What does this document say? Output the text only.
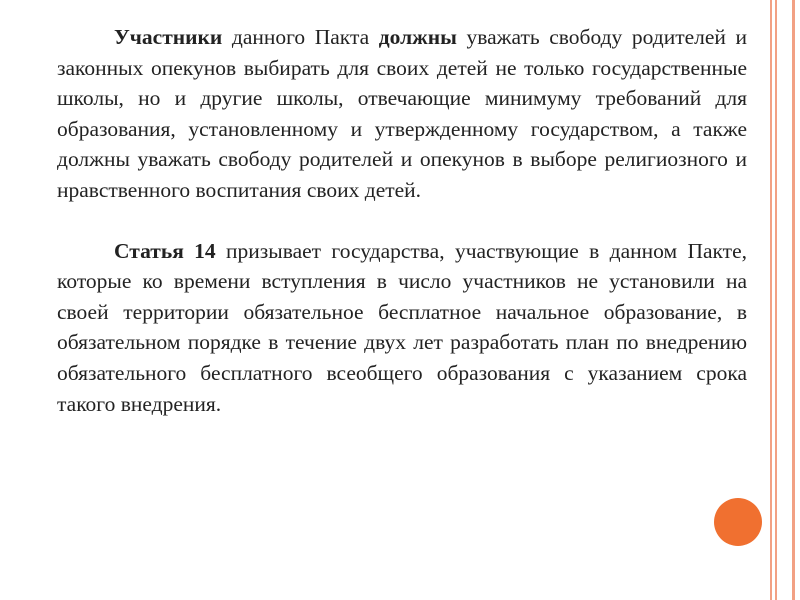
Участники данного Пакта должны уважать свободу родителей и законных опекунов выбирать для своих детей не только государственные школы, но и другие школы, отвечающие минимуму требований для образования, установленному и утвержденному государством, а также должны уважать свободу родителей и опекунов в выборе религиозного и нравственного воспитания своих детей.

Статья 14 призывает государства, участвующие в данном Пакте, которые ко времени вступления в число участников не установили на своей территории обязательное бесплатное начальное образование, в обязательном порядке в течение двух лет разработать план по внедрению обязательного бесплатного всеобщего образования с указанием срока такого внедрения.
